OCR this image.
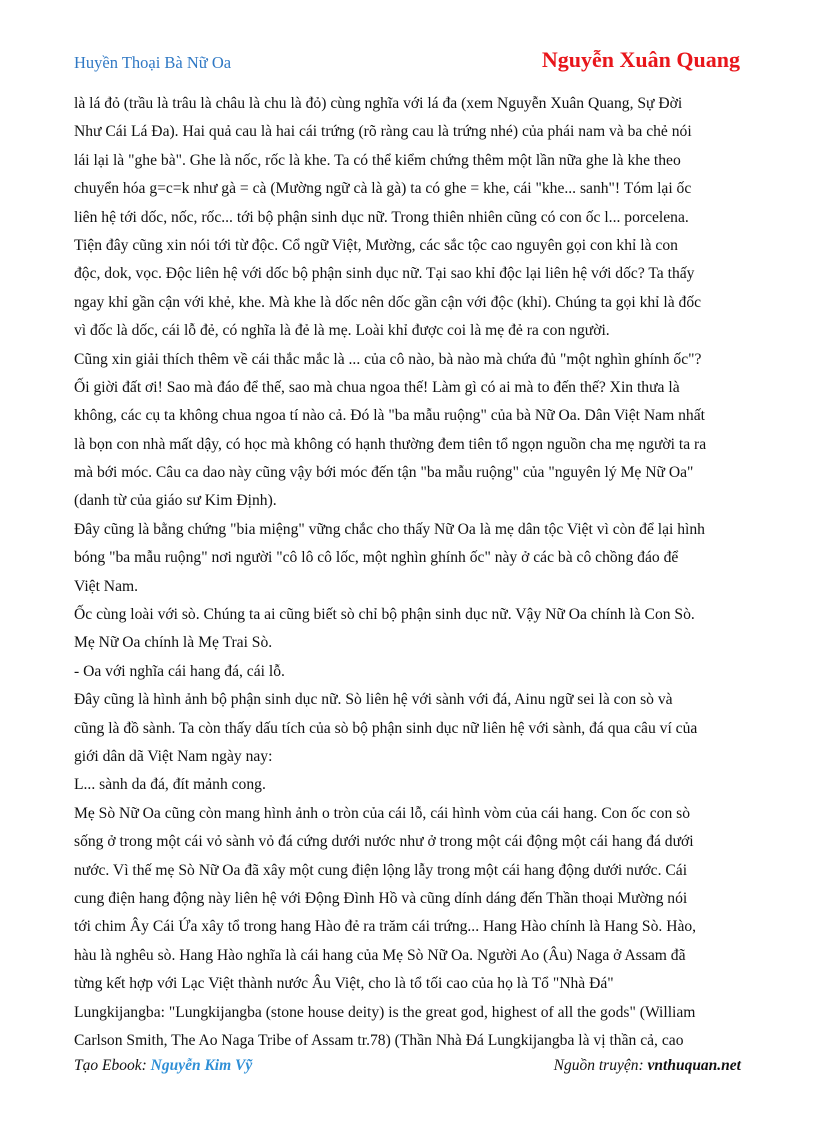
Huyền Thoại Bà Nữ Oa	Nguyễn Xuân Quang
là lá đỏ (trầu là trâu là châu là chu là đỏ) cùng nghĩa với lá đa (xem Nguyễn Xuân Quang, Sự Đời
Như Cái Lá Đa). Hai quả cau là hai cái trứng (rõ ràng cau là trứng nhé) của phái nam và ba chẻ nói
lái lại là "ghe bà". Ghe là nốc, rốc là khe. Ta có thể kiểm chứng thêm một lần nữa ghe là khe theo
chuyển hóa g=c=k như gà = cà (Mường ngữ cà là gà) ta có ghe = khe, cái "khe... sanh"! Tóm lại ốc
liên hệ tới dốc, nốc, rốc... tới bộ phận sinh dục nữ. Trong thiên nhiên cũng có con ốc l... porcelena.
Tiện đây cũng xin nói tới từ độc. Cổ ngữ Việt, Mường, các sắc tộc cao nguyên gọi con khỉ là con
độc, dok, vọc. Độc liên hệ với dốc bộ phận sinh dục nữ. Tại sao khỉ độc lại liên hệ với dốc? Ta thấy
ngay khỉ gần cận với khẻ, khe. Mà khe là dốc nên dốc gần cận với độc (khỉ). Chúng ta gọi khỉ là đốc
vì đốc là dốc, cái lỗ đẻ, có nghĩa là đẻ là mẹ. Loài khỉ được coi là mẹ đẻ ra con người.
Cũng xin giải thích thêm về cái thắc mắc là ... của cô nào, bà nào mà chứa đủ "một nghìn ghính ốc"?
Ối giời đất ơi! Sao mà đáo để thế, sao mà chua ngoa thế! Làm gì có ai mà to đến thế? Xin thưa là
không, các cụ ta không chua ngoa tí nào cả. Đó là "ba mẫu ruộng" của bà Nữ Oa. Dân Việt Nam nhất
là bọn con nhà mất dậy, có học mà không có hạnh thường đem tiên tổ ngọn nguồn cha mẹ người ta ra
mà bới móc. Câu ca dao này cũng vậy bới móc đến tận "ba mẫu ruộng" của "nguyên lý Mẹ Nữ Oa"
(danh từ của giáo sư Kim Định).
Đây cũng là bằng chứng "bia miệng" vững chắc cho thấy Nữ Oa là mẹ dân tộc Việt vì còn để lại hình
bóng "ba mẫu ruộng" nơi người "cô lô cô lốc, một nghìn ghính ốc" này ở các bà cô chồng đáo để
Việt Nam.
Ốc cùng loài với sò. Chúng ta ai cũng biết sò chỉ bộ phận sinh dục nữ. Vậy Nữ Oa chính là Con Sò.
Mẹ Nữ Oa chính là Mẹ Trai Sò.
- Oa với nghĩa cái hang đá, cái lỗ.
Đây cũng là hình ảnh bộ phận sinh dục nữ. Sò liên hệ với sành với đá, Ainu ngữ sei là con sò và
cũng là đồ sành. Ta còn thấy dấu tích của sò bộ phận sinh dục nữ liên hệ với sành, đá qua câu ví của
giới dân dã Việt Nam ngày nay:
L... sành da đá, đít mảnh cong.
Mẹ Sò Nữ Oa cũng còn mang hình ảnh o tròn của cái lỗ, cái hình vòm của cái hang. Con ốc con sò
sống ở trong một cái vỏ sành vỏ đá cứng dưới nước như ở trong một cái động một cái hang đá dưới
nước. Vì thế mẹ Sò Nữ Oa đã xây một cung điện lộng lẫy trong một cái hang động dưới nước. Cái
cung điện hang động này liên hệ với Động Đình Hồ và cũng dính dáng đến Thần thoại Mường nói
tới chim Ây Cái Ứa xây tổ trong hang Hào đẻ ra trăm cái trứng... Hang Hào chính là Hang Sò. Hào,
hàu là nghêu sò. Hang Hào nghĩa là cái hang của Mẹ Sò Nữ Oa. Người Ao (Âu) Naga ở Assam đã
từng kết hợp với Lạc Việt thành nước Âu Việt, cho là tổ tối cao của họ là Tổ "Nhà Đá"
Lungkijangba: "Lungkijangba (stone house deity) is the great god, highest of all the gods" (William
Carlson Smith, The Ao Naga Tribe of Assam tr.78) (Thần Nhà Đá Lungkijangba là vị thần cả, cao
Tạo Ebook: Nguyễn Kim Vỹ	Nguồn truyện: vnthuquan.net
